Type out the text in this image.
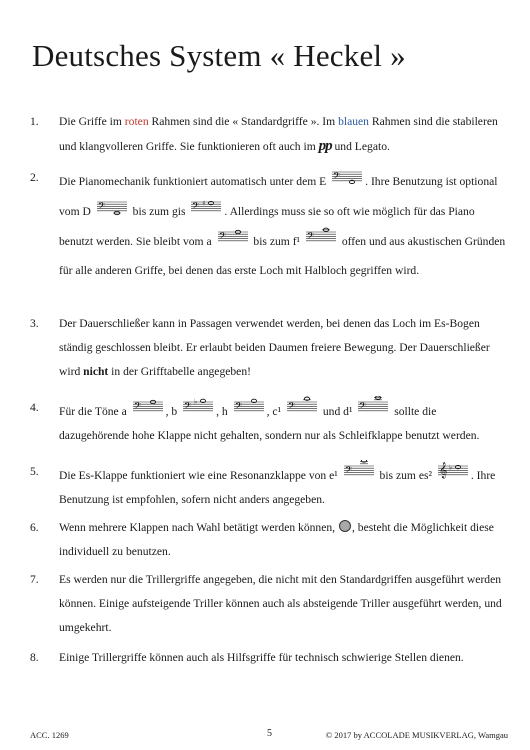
Deutsches System « Heckel »
1. Die Griffe im roten Rahmen sind die « Standardgriffe ». Im blauen Rahmen sind die stabileren und klangvolleren Griffe. Sie funktionieren oft auch im pp und Legato.
2. Die Pianomechanik funktioniert automatisch unter dem E 𝄢 . Ihre Benutzung ist optional vom D 𝄢 bis zum gis 𝄢 ♯
. Allerdings muss sie so oft wie möglich für das Piano benutzt werden. Sie bleibt vom a 𝄢 bis zum f¹ 𝄢 offen und aus akustischen Gründen für alle anderen Griffe, bei denen das erste Loch mit Halbloch gegriffen wird.
3. Der Dauerschließer kann in Passagen verwendet werden, bei denen das Loch im Es-Bogen ständig geschlossen bleibt. Er erlaubt beiden Daumen freiere Bewegung. Der Dauerschließer wird nicht in der Grifftabelle angegeben!
4. Für die Töne a 𝄢 , b 𝄢 ♭
, h 𝄢 , c¹ 𝄢 und d¹ 𝄢 sollte die dazugehörende hohe Klappe nicht gehalten, sondern nur als Schleifklappe benutzt werden.
5. Die Es-Klappe funktioniert wie eine Resonanzklappe von e¹ 𝄢 bis zum es² 𝄞 ♭
. Ihre Benutzung ist empfohlen, sofern nicht anders angegeben.
6. Wenn mehrere Klappen nach Wahl betätigt werden können, , besteht die Möglichkeit diese individuell zu benutzen.
7. Es werden nur die Trillergriffe angegeben, die nicht mit den Standardgriffen ausgeführt werden können. Einige aufsteigende Triller können auch als absteigende Triller ausgeführt werden, und umgekehrt.
8. Einige Trillergriffe können auch als Hilfsgriffe für technisch schwierige Stellen dienen.
ACC. 1269	5	© 2017 by ACCOLADE MUSIKVERLAG, Wamgau
